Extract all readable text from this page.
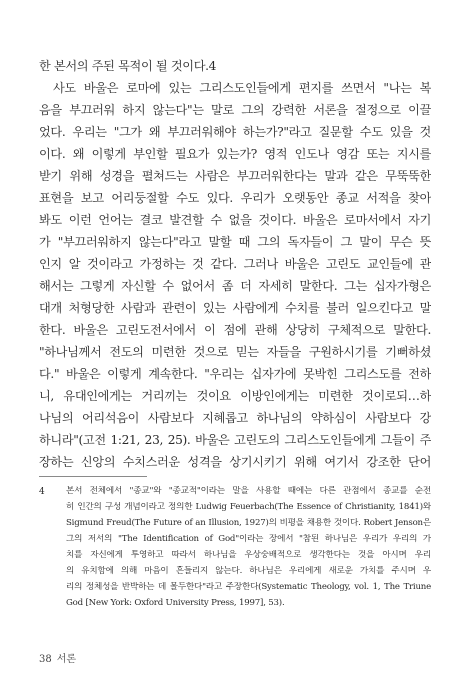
한 본서의 주된 목적이 될 것이다.4
사도 바울은 로마에 있는 그리스도인들에게 편지를 쓰면서 "나는 복
음을 부끄러워 하지 않는다"는 말로 그의 강력한 서론을 절정으로 이끌
었다. 우리는 "그가 왜 부끄러워해야 하는가?"라고 질문할 수도 있을 것
이다. 왜 이렇게 부인할 필요가 있는가? 영적 인도나 영감 또는 지시를
받기 위해 성경을 펼쳐드는 사람은 부끄러워한다는 말과 같은 무뚝뚝한
표현을 보고 어리둥절할 수도 있다. 우리가 오랫동안 종교 서적을 찾아
봐도 이런 언어는 결코 발견할 수 없을 것이다. 바울은 로마서에서 자기
가 "부끄러워하지 않는다"라고 말할 때 그의 독자들이 그 말이 무슨 뜻
인지 알 것이라고 가정하는 것 같다. 그러나 바울은 고린도 교인들에 관
해서는 그렇게 자신할 수 없어서 좀 더 자세히 말한다. 그는 십자가형은
대개 처형당한 사람과 관련이 있는 사람에게 수치를 불러 일으킨다고 말
한다. 바울은 고린도전서에서 이 점에 관해 상당히 구체적으로 말한다.
"하나님께서 전도의 미련한 것으로 믿는 자들을 구원하시기를 기뻐하셨
다." 바울은 이렇게 계속한다. "우리는 십자가에 못박힌 그리스도를 전하
니, 유대인에게는 거리끼는 것이요 이방인에게는 미련한 것이로되…하
나님의 어리석음이 사람보다 지혜롭고 하나님의 약하심이 사람보다 강
하니라"(고전 1:21, 23, 25). 바울은 고린도의 그리스도인들에게 그들이 주
장하는 신앙의 수치스러운 성격을 상기시키기 위해 여기서 강조한 단어
4 본서 전체에서 "종교"와 "종교적"이라는 말을 사용할 때에는 다른 관점에서 종교를 순전
히 인간의 구성 개념이라고 정의한 Ludwig Feuerbach(The Essence of Christianity, 1841)와
Sigmund Freud(The Future of an Illusion, 1927)의 비평을 채용한 것이다. Robert Jenson은
그의 저서의 "The Identification of God"이라는 장에서 "참된 하나님은 우리가 우리의 가
치를 자신에게 투영하고 따라서 하나님을 우상숭배적으로 생각한다는 것을 아시며 우리
의 유치함에 의해 마음이 흔들리지 않는다. 하나님은 우리에게 새로운 가치를 주시며 우
리의 정체성을 반박하는 데 몰두한다"라고 주장한다(Systematic Theology, vol. 1, The Triune
God [New York: Oxford University Press, 1997], 53).
38 서론
